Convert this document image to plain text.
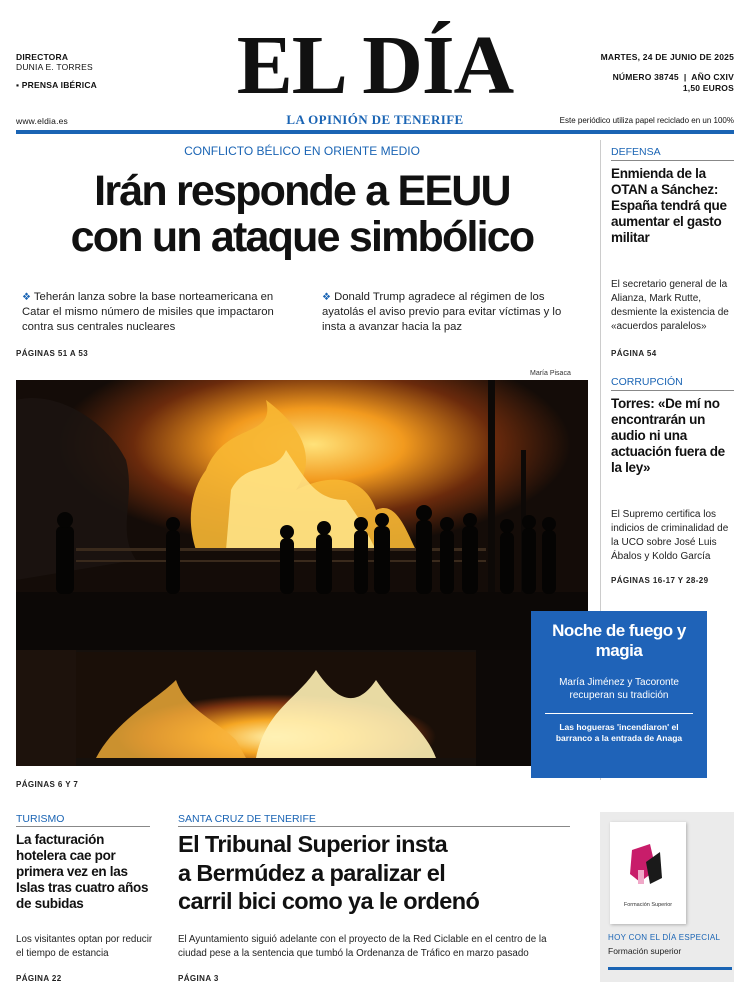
DIRECTORA
DUNIA E. TORRES
▪ PRENSA IBÉRICA
www.eldia.es
EL DÍA
LA OPINIÓN DE TENERIFE
MARTES, 24 DE JUNIO DE 2025
NÚMERO 38745  |  AÑO CXIV
1,50 EUROS
Este periódico utiliza papel reciclado en un 100%
CONFLICTO BÉLICO EN ORIENTE MEDIO
Irán responde a EEUU
con un ataque simbólico
❖ Teherán lanza sobre la base norteamericana en Catar el mismo número de misiles que impactaron contra sus centrales nucleares
❖ Donald Trump agradece al régimen de los ayatolás el aviso previo para evitar víctimas y lo insta a avanzar hacia la paz
PÁGINAS 51 A 53
DEFENSA
Enmienda de la OTAN a Sánchez: España tendrá que aumentar el gasto militar
El secretario general de la Alianza, Mark Rutte, desmiente la existencia de «acuerdos paralelos»
PÁGINA 54
CORRUPCIÓN
Torres: «De mí no encontrarán un audio ni una actuación fuera de la ley»
El Supremo certifica los indicios de criminalidad de la UCO sobre José Luis Ábalos y Koldo García
PÁGINAS 16-17 Y 28-29
María Pisaca
Noche de fuego y magia
María Jiménez y Tacoronte recuperan su tradición
Las hogueras 'incendiaron' el barranco a la entrada de Anaga
PÁGINAS 6 Y 7
TURISMO
La facturación hotelera cae por primera vez en las Islas tras cuatro años de subidas
Los visitantes optan por reducir el tiempo de estancia
PÁGINA 22
SANTA CRUZ DE TENERIFE
El Tribunal Superior insta
a Bermúdez a paralizar el
carril bici como ya le ordenó
El Ayuntamiento siguió adelante con el proyecto de la Red Ciclable en el centro de la ciudad pese a la sentencia que tumbó la Ordenanza de Tráfico en marzo pasado
PÁGINA 3
Formación Superior
HOY CON EL DÍA ESPECIAL
Formación superior
